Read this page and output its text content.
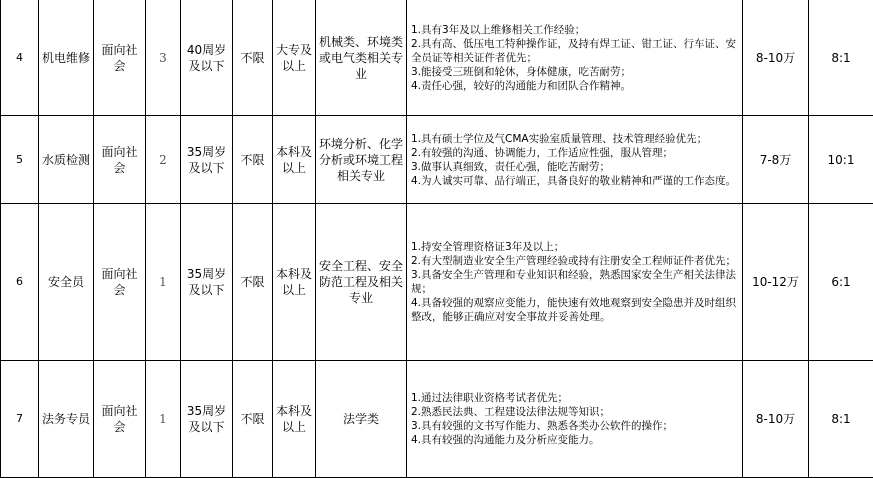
4	机电维修	面向社会	3	40周岁及以下	不限	大专及以上	机械类、环境类或电气类相关专业	1.具有3年及以上维修相关工作经验；
2.具有高、低压电工特种操作证，及持有焊工证、钳工证、行车证、安全员证等相关证件者优先；
3.能接受三班倒和轮休，身体健康，吃苦耐劳；
4.责任心强，较好的沟通能力和团队合作精神。	8-10万	8:1
5	水质检测	面向社会	2	35周岁及以下	不限	本科及以上	环境分析、化学分析或环境工程相关专业	1.具有硕士学位及气CMA实验室质量管理、技术管理经验优先；
2.有较强的沟通、协调能力，工作适应性强，服从管理；
3.做事认真细致，责任心强，能吃苦耐劳；
4.为人诚实可靠、品行端正，具备良好的敬业精神和严谨的工作态度。	7-8万	10:1
6	安全员	面向社会	1	35周岁及以下	不限	本科及以上	安全工程、安全防范工程及相关专业	1.持安全管理资格证3年及以上；
2.有大型制造业安全生产管理经验或持有注册安全工程师证件者优先；
3.具备安全生产管理和专业知识和经验，熟悉国家安全生产相关法律法规；
4.具备较强的观察应变能力，能快速有效地观察到安全隐患并及时组织整改，能够正确应对安全事故并妥善处理。	10-12万	6:1
7	法务专员	面向社会	1	35周岁及以下	不限	本科及以上	法学类	1.通过法律职业资格考试者优先；
2.熟悉民法典、工程建设法律法规等知识；
3.具有较强的文书写作能力、熟悉各类办公软件的操作；
4.具有较强的沟通能力及分析应变能力。	8-10万	8:1
